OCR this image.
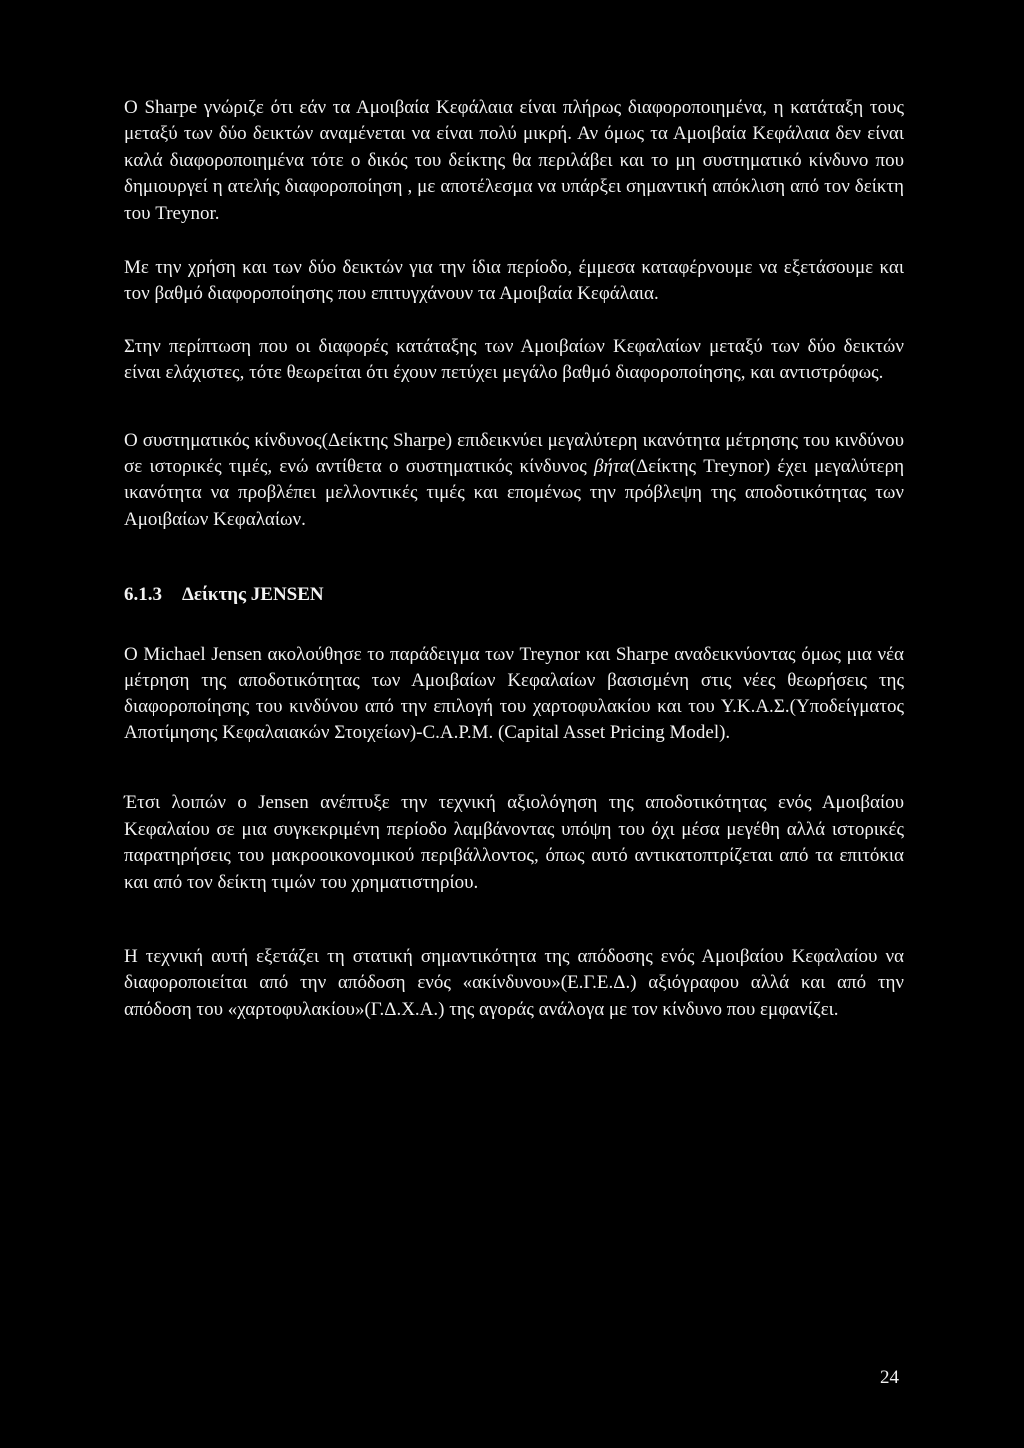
Ο Sharpe γνώριζε ότι εάν τα Αμοιβαία Κεφάλαια είναι πλήρως διαφοροποιημένα, η κατάταξη τους μεταξύ των δύο δεικτών αναμένεται να είναι πολύ μικρή. Αν όμως τα Αμοιβαία Κεφάλαια δεν είναι καλά διαφοροποιημένα τότε ο δικός του δείκτης θα περιλάβει και το μη συστηματικό κίνδυνο που δημιουργεί η ατελής διαφοροποίηση , με αποτέλεσμα να υπάρξει σημαντική απόκλιση από τον δείκτη του Treynor.

Με την χρήση και των δύο δεικτών για την ίδια περίοδο, έμμεσα καταφέρνουμε να εξετάσουμε και τον βαθμό διαφοροποίησης που επιτυγχάνουν τα Αμοιβαία Κεφάλαια.

Στην περίπτωση που οι διαφορές κατάταξης των Αμοιβαίων Κεφαλαίων μεταξύ των δύο δεικτών είναι ελάχιστες, τότε θεωρείται ότι έχουν πετύχει μεγάλο βαθμό διαφοροποίησης, και αντιστρόφως.

Ο συστηματικός κίνδυνος(Δείκτης Sharpe) επιδεικνύει μεγαλύτερη ικανότητα μέτρησης του κινδύνου σε ιστορικές τιμές, ενώ αντίθετα ο συστηματικός κίνδυνος βήτα(Δείκτης Treynor) έχει μεγαλύτερη ικανότητα να προβλέπει μελλοντικές τιμές και επομένως την πρόβλεψη της αποδοτικότητας των Αμοιβαίων Κεφαλαίων.

6.1.3 Δείκτης JENSEN

Ο Michael Jensen ακολούθησε το παράδειγμα των Treynor και Sharpe αναδεικνύοντας όμως μια νέα μέτρηση της αποδοτικότητας των Αμοιβαίων Κεφαλαίων βασισμένη στις νέες θεωρήσεις της διαφοροποίησης του κινδύνου από την επιλογή του χαρτοφυλακίου και του Υ.Κ.Α.Σ.(Υποδείγματος Αποτίμησης Κεφαλαιακών Στοιχείων)-C.A.P.M. (Capital Asset Pricing Model).

Έτσι λοιπών ο Jensen ανέπτυξε την τεχνική αξιολόγηση της αποδοτικότητας ενός Αμοιβαίου Κεφαλαίου σε μια συγκεκριμένη περίοδο λαμβάνοντας υπόψη του όχι μέσα μεγέθη αλλά ιστορικές παρατηρήσεις του μακροοικονομικού περιβάλλοντος, όπως αυτό αντικατοπτρίζεται από τα επιτόκια και από τον δείκτη τιμών του χρηματιστηρίου.

Η τεχνική αυτή εξετάζει τη στατική σημαντικότητα της απόδοσης ενός Αμοιβαίου Κεφαλαίου να διαφοροποιείται από την απόδοση ενός «ακίνδυνου»(Ε.Γ.Ε.Δ.) αξιόγραφου αλλά και από την απόδοση του «χαρτοφυλακίου»(Γ.Δ.Χ.Α.) της αγοράς ανάλογα με τον κίνδυνο που εμφανίζει.

24
